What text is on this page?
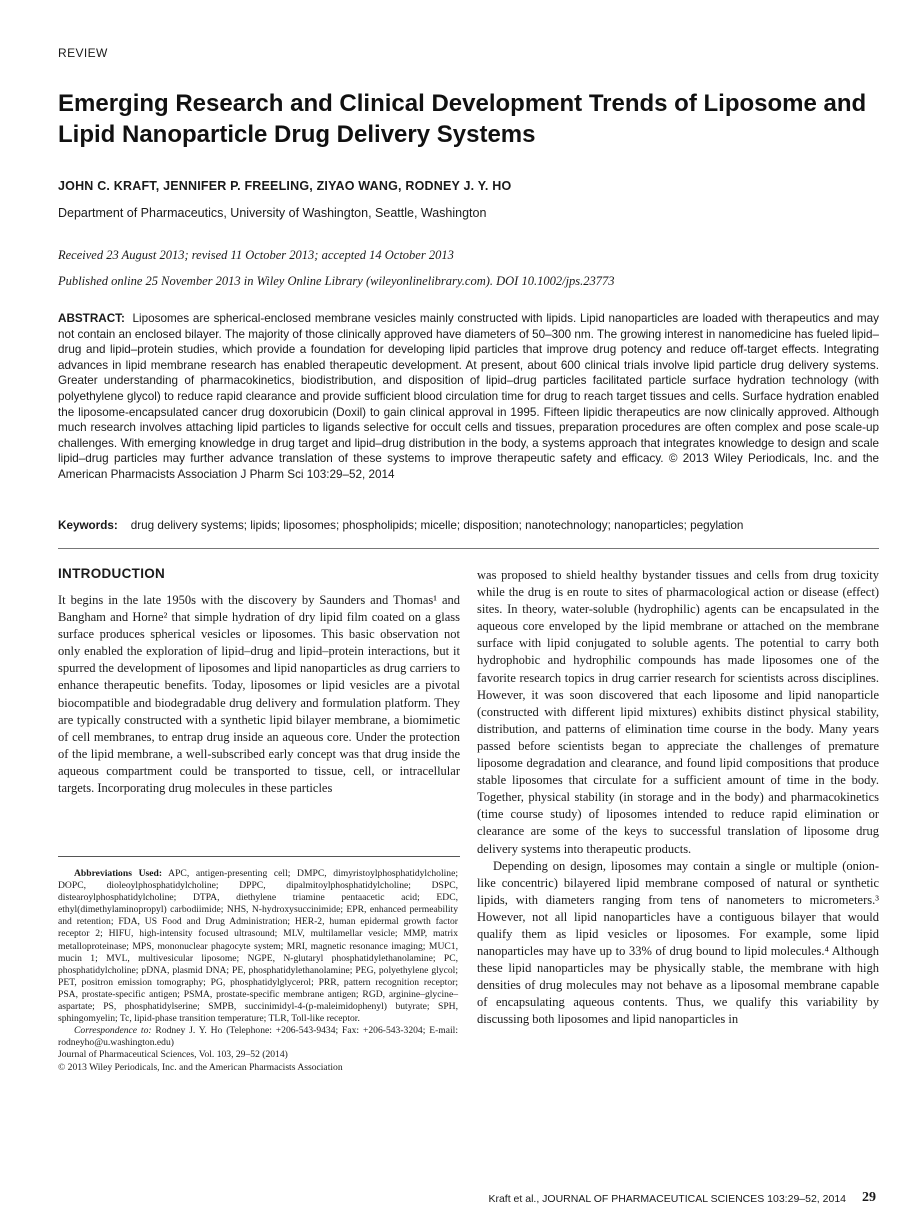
REVIEW
Emerging Research and Clinical Development Trends of Liposome and Lipid Nanoparticle Drug Delivery Systems
JOHN C. KRAFT, JENNIFER P. FREELING, ZIYAO WANG, RODNEY J. Y. HO
Department of Pharmaceutics, University of Washington, Seattle, Washington
Received 23 August 2013; revised 11 October 2013; accepted 14 October 2013
Published online 25 November 2013 in Wiley Online Library (wileyonlinelibrary.com). DOI 10.1002/jps.23773

ABSTRACT: Liposomes are spherical-enclosed membrane vesicles mainly constructed with lipids. Lipid nanoparticles are loaded with therapeutics and may not contain an enclosed bilayer. The majority of those clinically approved have diameters of 50–300 nm. The growing interest in nanomedicine has fueled lipid–drug and lipid–protein studies, which provide a foundation for developing lipid particles that improve drug potency and reduce off-target effects. Integrating advances in lipid membrane research has enabled therapeutic development. At present, about 600 clinical trials involve lipid particle drug delivery systems. Greater understanding of pharmacokinetics, biodistribution, and disposition of lipid–drug particles facilitated particle surface hydration technology (with polyethylene glycol) to reduce rapid clearance and provide sufficient blood circulation time for drug to reach target tissues and cells. Surface hydration enabled the liposome-encapsulated cancer drug doxorubicin (Doxil) to gain clinical approval in 1995. Fifteen lipidic therapeutics are now clinically approved. Although much research involves attaching lipid particles to ligands selective for occult cells and tissues, preparation procedures are often complex and pose scale-up challenges. With emerging knowledge in drug target and lipid–drug distribution in the body, a systems approach that integrates knowledge to design and scale lipid–drug particles may further advance translation of these systems to improve therapeutic safety and efficacy. © 2013 Wiley Periodicals, Inc. and the American Pharmacists Association J Pharm Sci 103:29–52, 2014

Keywords: drug delivery systems; lipids; liposomes; phospholipids; micelle; disposition; nanotechnology; nanoparticles; pegylation

INTRODUCTION

It begins in the late 1950s with the discovery by Saunders and Thomas¹ and Bangham and Horne² that simple hydration of dry lipid film coated on a glass surface produces spherical vesicles or liposomes. This basic observation not only enabled the exploration of lipid–drug and lipid–protein interactions, but it spurred the development of liposomes and lipid nanoparticles as drug carriers to enhance therapeutic benefits. Today, liposomes or lipid vesicles are a pivotal biocompatible and biodegradable drug delivery and formulation platform. They are typically constructed with a synthetic lipid bilayer membrane, a biomimetic of cell membranes, to entrap drug inside an aqueous core. Under the protection of the lipid membrane, a well-subscribed early concept was that drug inside the aqueous compartment could be transported to tissue, cell, or intracellular targets. Incorporating drug molecules in these particles

Abbreviations Used: APC, antigen-presenting cell; DMPC, dimyristoylphosphatidylcholine; DOPC, dioleoylphosphatidylcholine; DPPC, dipalmitoylphosphatidylcholine; DSPC, distearoylphosphatidylcholine; DTPA, diethylene triamine pentaacetic acid; EDC, ethyl(dimethylaminopropyl) carbodiimide; NHS, N-hydroxysuccinimide; EPR, enhanced permeability and retention; FDA, US Food and Drug Administration; HER-2, human epidermal growth factor receptor 2; HIFU, high-intensity focused ultrasound; MLV, multilamellar vesicle; MMP, matrix metalloproteinase; MPS, mononuclear phagocyte system; MRI, magnetic resonance imaging; MUC1, mucin 1; MVL, multivesicular liposome; NGPE, N-glutaryl phosphatidylethanolamine; PC, phosphatidylcholine; pDNA, plasmid DNA; PE, phosphatidylethanolamine; PEG, polyethylene glycol; PET, positron emission tomography; PG, phosphatidylglycerol; PRR, pattern recognition receptor; PSA, prostate-specific antigen; PSMA, prostate-specific membrane antigen; RGD, arginine–glycine–aspartate; PS, phosphatidylserine; SMPB, succinimidyl-4-(p-maleimidophenyl) butyrate; SPH, sphingomyelin; Tc, lipid-phase transition temperature; TLR, Toll-like receptor.

Correspondence to: Rodney J. Y. Ho (Telephone: +206-543-9434; Fax: +206-543-3204; E-mail: rodneyho@u.washington.edu)

Journal of Pharmaceutical Sciences, Vol. 103, 29–52 (2014)

© 2013 Wiley Periodicals, Inc. and the American Pharmacists Association

was proposed to shield healthy bystander tissues and cells from drug toxicity while the drug is en route to sites of pharmacological action or disease (effect) sites. In theory, water-soluble (hydrophilic) agents can be encapsulated in the aqueous core enveloped by the lipid membrane or attached on the membrane surface with lipid conjugated to soluble agents. The potential to carry both hydrophobic and hydrophilic compounds has made liposomes one of the favorite research topics in drug carrier research for scientists across disciplines. However, it was soon discovered that each liposome and lipid nanoparticle (constructed with different lipid mixtures) exhibits distinct physical stability, distribution, and patterns of elimination time course in the body. Many years passed before scientists began to appreciate the challenges of premature liposome degradation and clearance, and found lipid compositions that produce stable liposomes that circulate for a sufficient amount of time in the body. Together, physical stability (in storage and in the body) and pharmacokinetics (time course study) of liposomes intended to reduce rapid elimination or clearance are some of the keys to successful translation of liposome drug delivery systems into therapeutic products.

Depending on design, liposomes may contain a single or multiple (onion-like concentric) bilayered lipid membrane composed of natural or synthetic lipids, with diameters ranging from tens of nanometers to micrometers.³ However, not all lipid nanoparticles have a contiguous bilayer that would qualify them as lipid vesicles or liposomes. For example, some lipid nanoparticles may have up to 33% of drug bound to lipid molecules.⁴ Although these lipid nanoparticles may be physically stable, the membrane with high densities of drug molecules may not behave as a liposomal membrane capable of encapsulating aqueous contents. Thus, we qualify this variability by discussing both liposomes and lipid nanoparticles in

Kraft et al., JOURNAL OF PHARMACEUTICAL SCIENCES 103:29–52, 2014 29
